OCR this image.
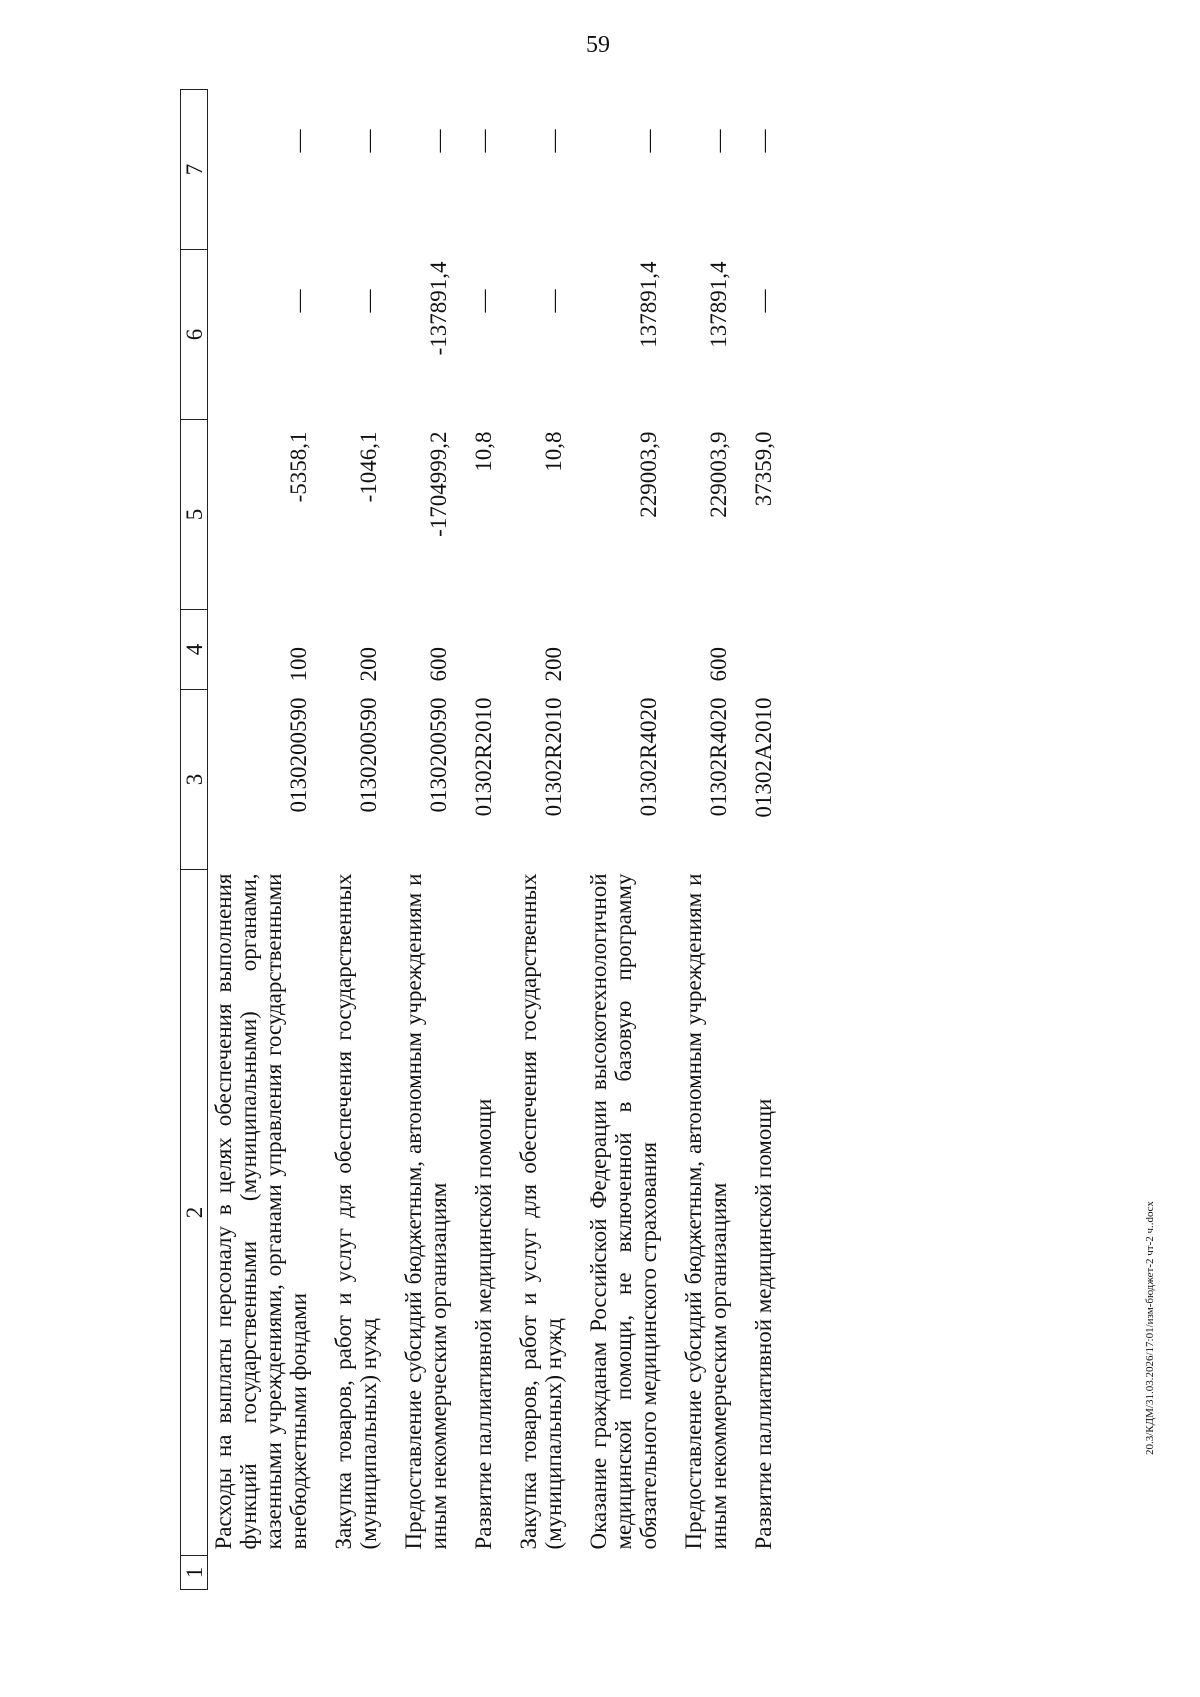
59
20.3/КДМ/31.03.2026/17:01/изм-бюджет-2 чт-2 ч..docx
1	2	3	4	5	6	7
	Расходы на выплаты персоналу в целях обеспечения выполнения функций государственными (муниципальными) органами, казенными учреждениями, органами управления государственными внебюджетными фондами	0130200590	100	-5358,1	—	—
	Закупка товаров, работ и услуг для обеспечения государственных (муниципальных) нужд	0130200590	200	-1046,1	—	—
	Предоставление субсидий бюджетным, автономным учреждениям и иным некоммерческим организациям	0130200590	600	-1704999,2	-137891,4	—
	Развитие паллиативной медицинской помощи	01302R2010		10,8	—	—
	Закупка товаров, работ и услуг для обеспечения государственных (муниципальных) нужд	01302R2010	200	10,8	—	—
	Оказание гражданам Российской Федерации высокотехнологичной медицинской помощи, не включенной в базовую программу обязательного медицинского страхования	01302R4020		229003,9	137891,4	—
	Предоставление субсидий бюджетным, автономным учреждениям и иным некоммерческим организациям	01302R4020	600	229003,9	137891,4	—
	Развитие паллиативной медицинской помощи	01302A2010		37359,0	—	—
